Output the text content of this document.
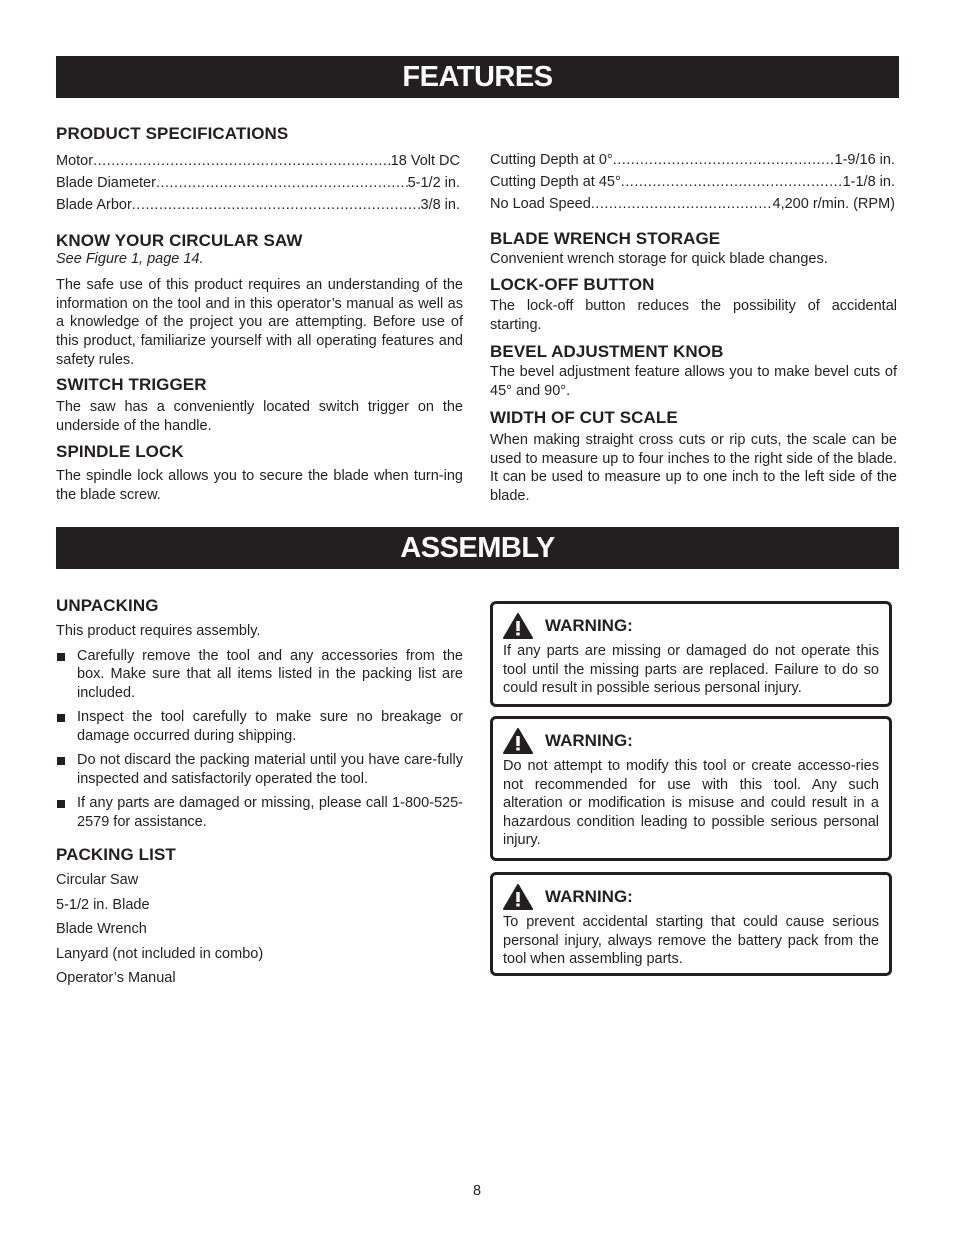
FEATURES
PRODUCT SPECIFICATIONS
Motor .....	18 Volt DC
Blade Diameter .....	5-1/2 in.
Blade Arbor .....	3/8 in.
Cutting Depth at 0° .....	1-9/16 in.
Cutting Depth at 45° .....	1-1/8 in.
No Load Speed .....	4,200 r/min. (RPM)
KNOW YOUR CIRCULAR SAW
See Figure 1, page 14.

The safe use of this product requires an understanding of the information on the tool and in this operator’s manual as well as a knowledge of the project you are attempting. Before use of this product, familiarize yourself with all operating features and safety rules.

SWITCH TRIGGER

The saw has a conveniently located switch trigger on the underside of the handle.

SPINDLE LOCK

The spindle lock allows you to secure the blade when turn-ing the blade screw.

BLADE WRENCH STORAGE

Convenient wrench storage for quick blade changes.

LOCK-OFF BUTTON

The lock-off button reduces the possibility of accidental starting.

BEVEL ADJUSTMENT KNOB

The bevel adjustment feature allows you to make bevel cuts of 45° and 90°.

WIDTH OF CUT SCALE

When making straight cross cuts or rip cuts, the scale can be used to measure up to four inches to the right side of the blade. It can be used to measure up to one inch to the left side of the blade.

ASSEMBLY
UNPACKING

This product requires assembly.

Carefully remove the tool and any accessories from the box. Make sure that all items listed in the packing list are included.
Inspect the tool carefully to make sure no breakage or damage occurred during shipping.
Do not discard the packing material until you have care-fully inspected and satisfactorily operated the tool.
If any parts are damaged or missing, please call 1-800-525-2579 for assistance.
PACKING LIST
Circular Saw
5-1/2 in. Blade
Blade Wrench
Lanyard (not included in combo)
Operator’s Manual
WARNING:

If any parts are missing or damaged do not operate this tool until the missing parts are replaced. Failure to do so could result in possible serious personal injury.

WARNING:

Do not attempt to modify this tool or create accesso-ries not recommended for use with this tool. Any such alteration or modification is misuse and could result in a hazardous condition leading to possible serious personal injury.

WARNING:

To prevent accidental starting that could cause serious personal injury, always remove the battery pack from the tool when assembling parts.

8
